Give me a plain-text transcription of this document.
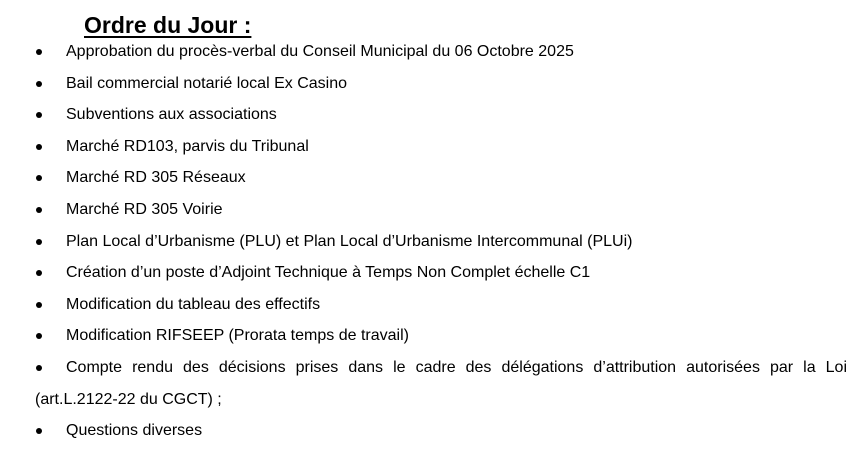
Ordre du Jour :
Approbation du procès-verbal du Conseil Municipal du 06 Octobre 2025
Bail commercial notarié local Ex Casino
Subventions aux associations
Marché RD103, parvis du Tribunal
Marché RD 305 Réseaux
Marché RD 305 Voirie
Plan Local d’Urbanisme (PLU) et Plan Local d’Urbanisme Intercommunal (PLUi)
Création d’un poste d’Adjoint Technique à Temps Non Complet échelle C1
Modification du tableau des effectifs
Modification RIFSEEP (Prorata temps de travail)
Compte rendu des décisions prises dans le cadre des délégations d’attribution autorisées par la Loi (art.L.2122-22 du CGCT) ;
Questions diverses
